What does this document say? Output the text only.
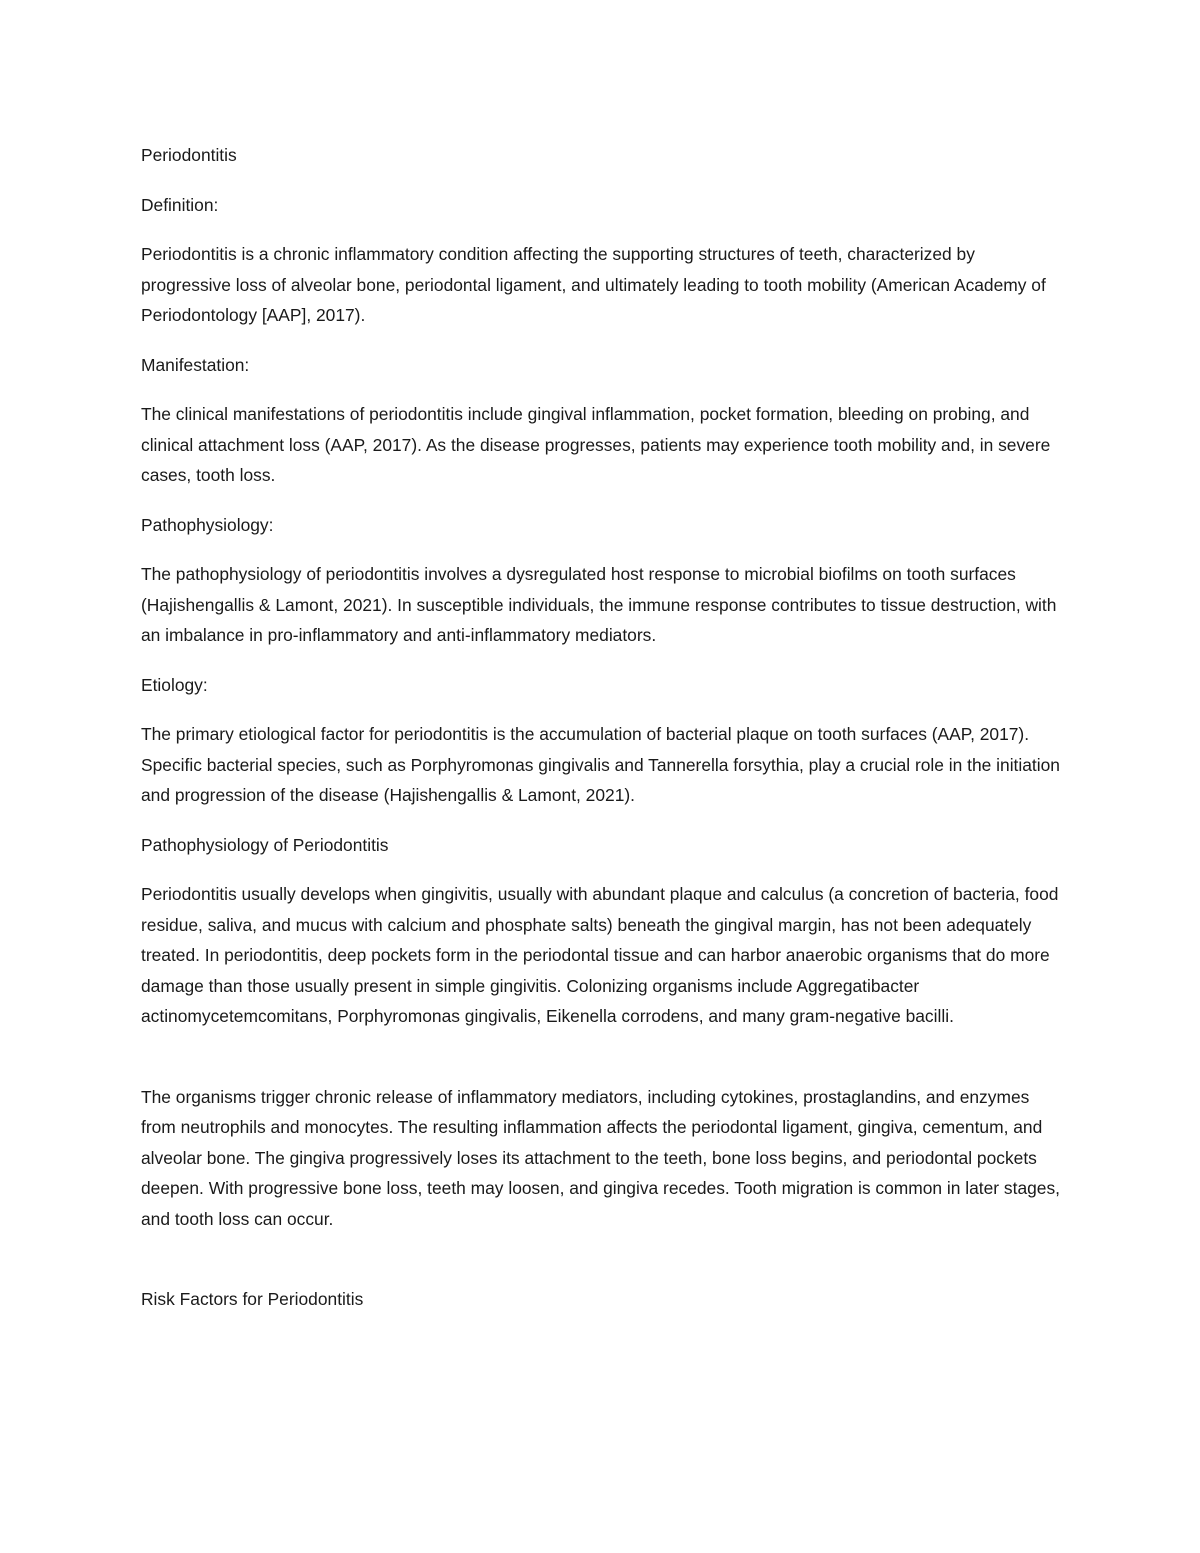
Periodontitis

Definition:

Periodontitis is a chronic inflammatory condition affecting the supporting structures of teeth, characterized by progressive loss of alveolar bone, periodontal ligament, and ultimately leading to tooth mobility (American Academy of Periodontology [AAP], 2017).

Manifestation:

The clinical manifestations of periodontitis include gingival inflammation, pocket formation, bleeding on probing, and clinical attachment loss (AAP, 2017). As the disease progresses, patients may experience tooth mobility and, in severe cases, tooth loss.

Pathophysiology:

The pathophysiology of periodontitis involves a dysregulated host response to microbial biofilms on tooth surfaces (Hajishengallis & Lamont, 2021). In susceptible individuals, the immune response contributes to tissue destruction, with an imbalance in pro-inflammatory and anti-inflammatory mediators.

Etiology:

The primary etiological factor for periodontitis is the accumulation of bacterial plaque on tooth surfaces (AAP, 2017). Specific bacterial species, such as Porphyromonas gingivalis and Tannerella forsythia, play a crucial role in the initiation and progression of the disease (Hajishengallis & Lamont, 2021).

Pathophysiology of Periodontitis

Periodontitis usually develops when gingivitis, usually with abundant plaque and calculus (a concretion of bacteria, food residue, saliva, and mucus with calcium and phosphate salts) beneath the gingival margin, has not been adequately treated. In periodontitis, deep pockets form in the periodontal tissue and can harbor anaerobic organisms that do more damage than those usually present in simple gingivitis. Colonizing organisms include Aggregatibacter actinomycetemcomitans, Porphyromonas gingivalis, Eikenella corrodens, and many gram-negative bacilli.

The organisms trigger chronic release of inflammatory mediators, including cytokines, prostaglandins, and enzymes from neutrophils and monocytes. The resulting inflammation affects the periodontal ligament, gingiva, cementum, and alveolar bone. The gingiva progressively loses its attachment to the teeth, bone loss begins, and periodontal pockets deepen. With progressive bone loss, teeth may loosen, and gingiva recedes. Tooth migration is common in later stages, and tooth loss can occur.

Risk Factors for Periodontitis
